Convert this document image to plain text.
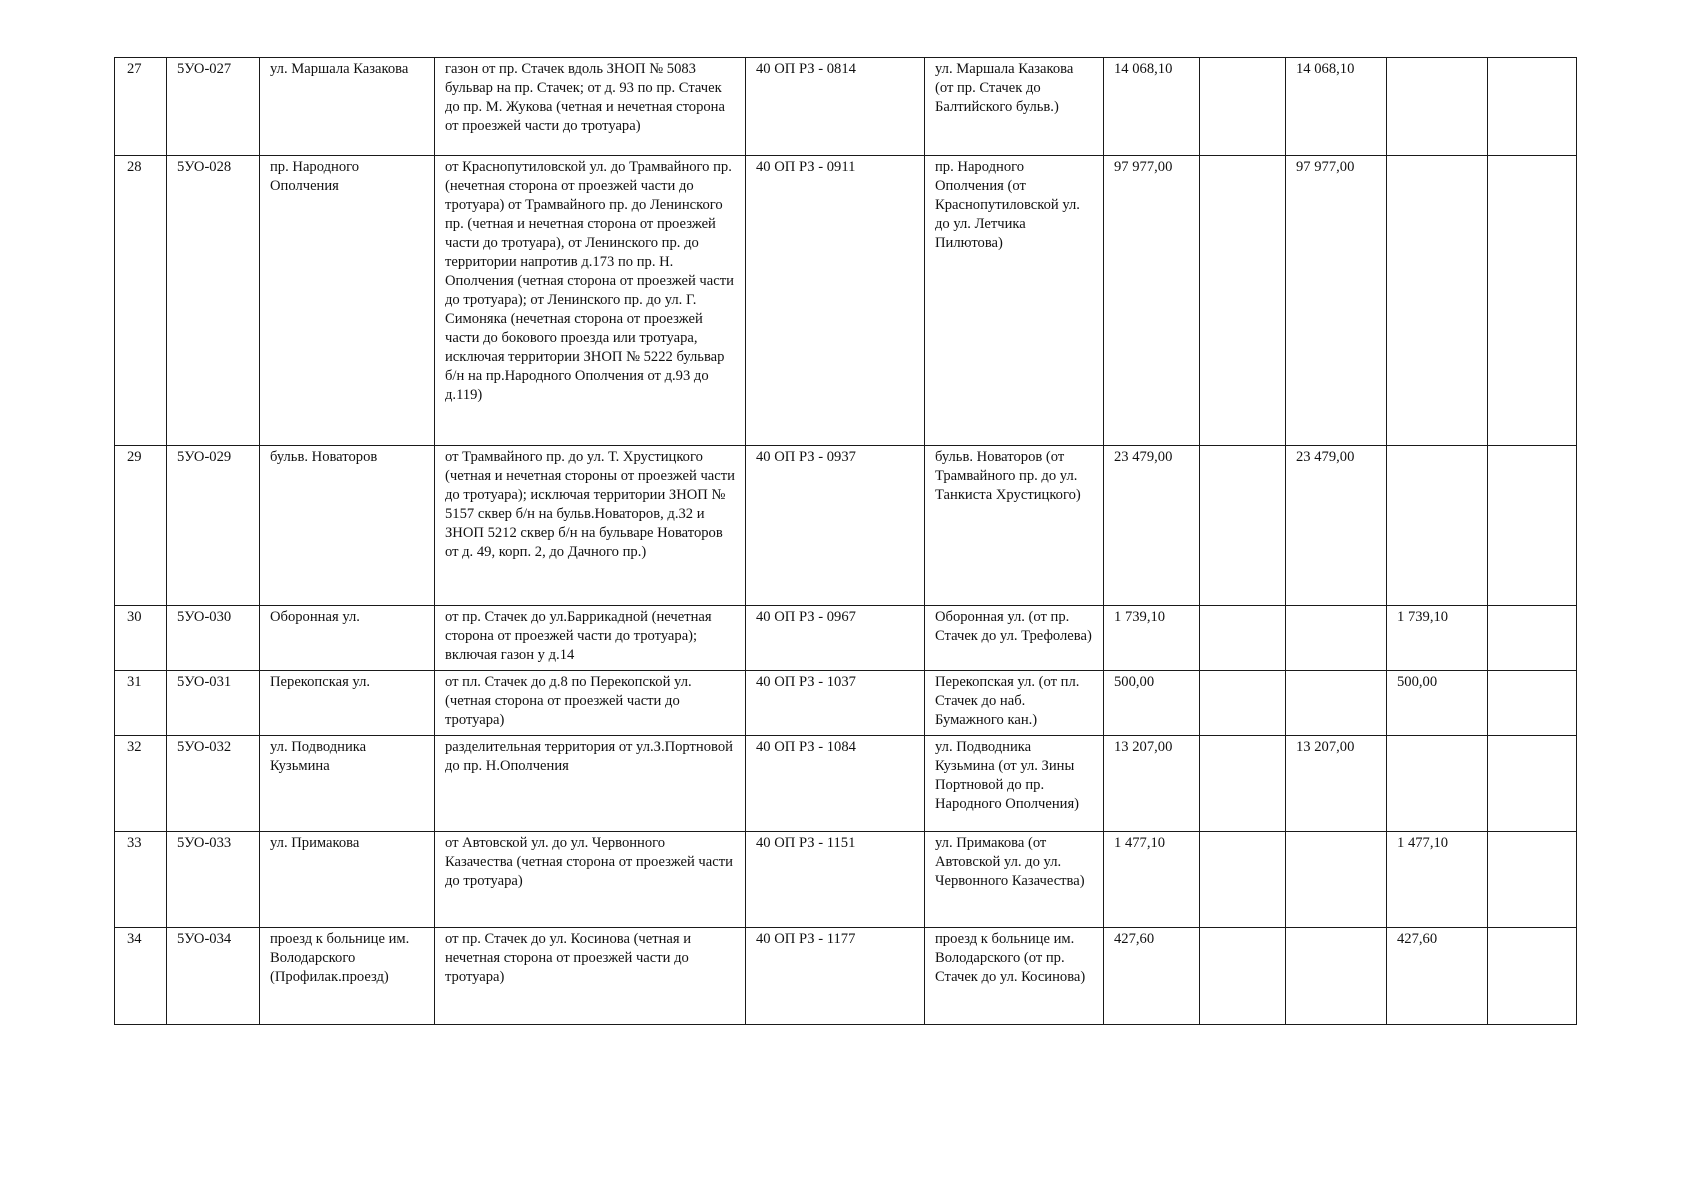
27	5УО-027	ул. Маршала Казакова	газон от пр. Стачек вдоль ЗНОП № 5083 бульвар на пр. Стачек; от д. 93 по пр. Стачек до пр. М. Жукова (четная и нечетная сторона от проезжей части до тротуара)	40 ОП РЗ - 0814	ул. Маршала Казакова (от пр. Стачек до Балтийского бульв.)	14 068,10		14 068,10		
28	5УО-028	пр. Народного Ополчения	от Краснопутиловской ул. до Трамвайного пр. (нечетная сторона от проезжей части до тротуара) от Трамвайного пр. до Ленинского пр. (четная и нечетная сторона от проезжей части до тротуара), от Ленинского пр. до территории напротив д.173 по пр. Н. Ополчения (четная сторона от проезжей части до тротуара); от Ленинского пр. до ул. Г. Симоняка (нечетная сторона от проезжей части до бокового проезда или тротуара, исключая территории ЗНОП № 5222 бульвар б/н на пр.Народного Ополчения от д.93 до д.119)	40 ОП РЗ - 0911	пр. Народного Ополчения (от Краснопутиловской ул. до ул. Летчика Пилютова)	97 977,00		97 977,00		
29	5УО-029	бульв. Новаторов	от Трамвайного пр. до ул. Т. Хрустицкого (четная и нечетная стороны от проезжей части до тротуара); исключая территории ЗНОП № 5157 сквер б/н на бульв.Новаторов, д.32 и ЗНОП 5212 сквер б/н на бульваре Новаторов от д. 49, корп. 2, до Дачного пр.)	40 ОП РЗ - 0937	бульв. Новаторов (от Трамвайного пр. до ул. Танкиста Хрустицкого)	23 479,00		23 479,00		
30	5УО-030	Оборонная ул.	от пр. Стачек до ул.Баррикадной (нечетная сторона от проезжей части до тротуара); включая газон у д.14	40 ОП РЗ - 0967	Оборонная ул. (от пр. Стачек до ул. Трефолева)	1 739,10			1 739,10	
31	5УО-031	Перекопская ул.	от пл. Стачек до д.8 по Перекопской ул. (четная сторона от проезжей части до тротуара)	40 ОП РЗ - 1037	Перекопская ул. (от пл. Стачек до наб. Бумажного кан.)	500,00			500,00	
32	5УО-032	ул. Подводника Кузьмина	разделительная территория от ул.З.Портновой до пр. Н.Ополчения	40 ОП РЗ - 1084	ул. Подводника Кузьмина (от ул. Зины Портновой до пр. Народного Ополчения)	13 207,00		13 207,00		
33	5УО-033	ул. Примакова	от Автовской ул. до ул. Червонного Казачества (четная сторона от проезжей части до тротуара)	40 ОП РЗ - 1151	ул. Примакова (от Автовской ул. до ул. Червонного Казачества)	1 477,10			1 477,10	
34	5УО-034	проезд к больнице им. Володарского (Профилак.проезд)	от пр. Стачек до ул. Косинова (четная и нечетная сторона от проезжей части до тротуара)	40 ОП РЗ - 1177	проезд к больнице им. Володарского (от пр. Стачек до ул. Косинова)	427,60			427,60	
